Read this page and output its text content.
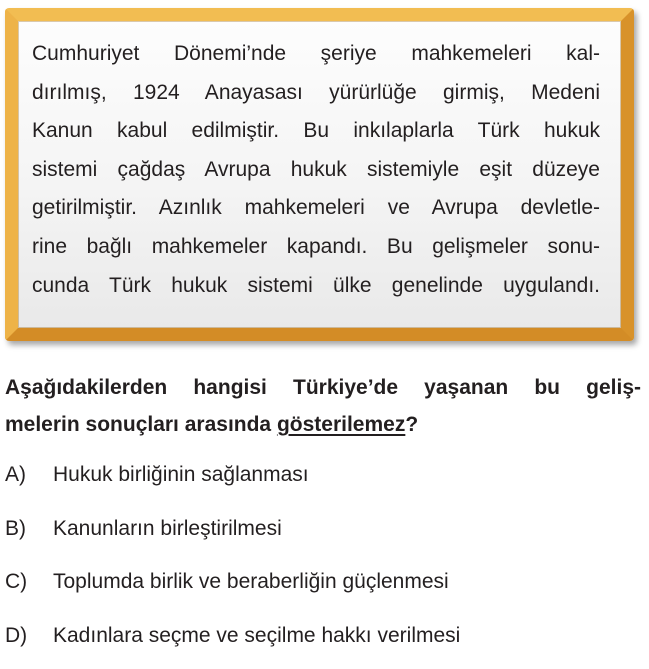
Cumhuriyet Dönemi’nde şeriye mahkemeleri kal-
dırılmış, 1924 Anayasası yürürlüğe girmiş, Medeni
Kanun kabul edilmiştir. Bu inkılaplarla Türk hukuk
sistemi çağdaş Avrupa hukuk sistemiyle eşit düzeye
getirilmiştir. Azınlık mahkemeleri ve Avrupa devletle-
rine bağlı mahkemeler kapandı. Bu gelişmeler sonu-
cunda Türk hukuk sistemi ülke genelinde uygulandı.
Aşağıdakilerden hangisi Türkiye’de yaşanan bu geliş-
melerin sonuçları arasında gösterilemez?
A)	Hukuk birliğinin sağlanması
B)	Kanunların birleştirilmesi
C)	Toplumda birlik ve beraberliğin güçlenmesi
D)	Kadınlara seçme ve seçilme hakkı verilmesi
